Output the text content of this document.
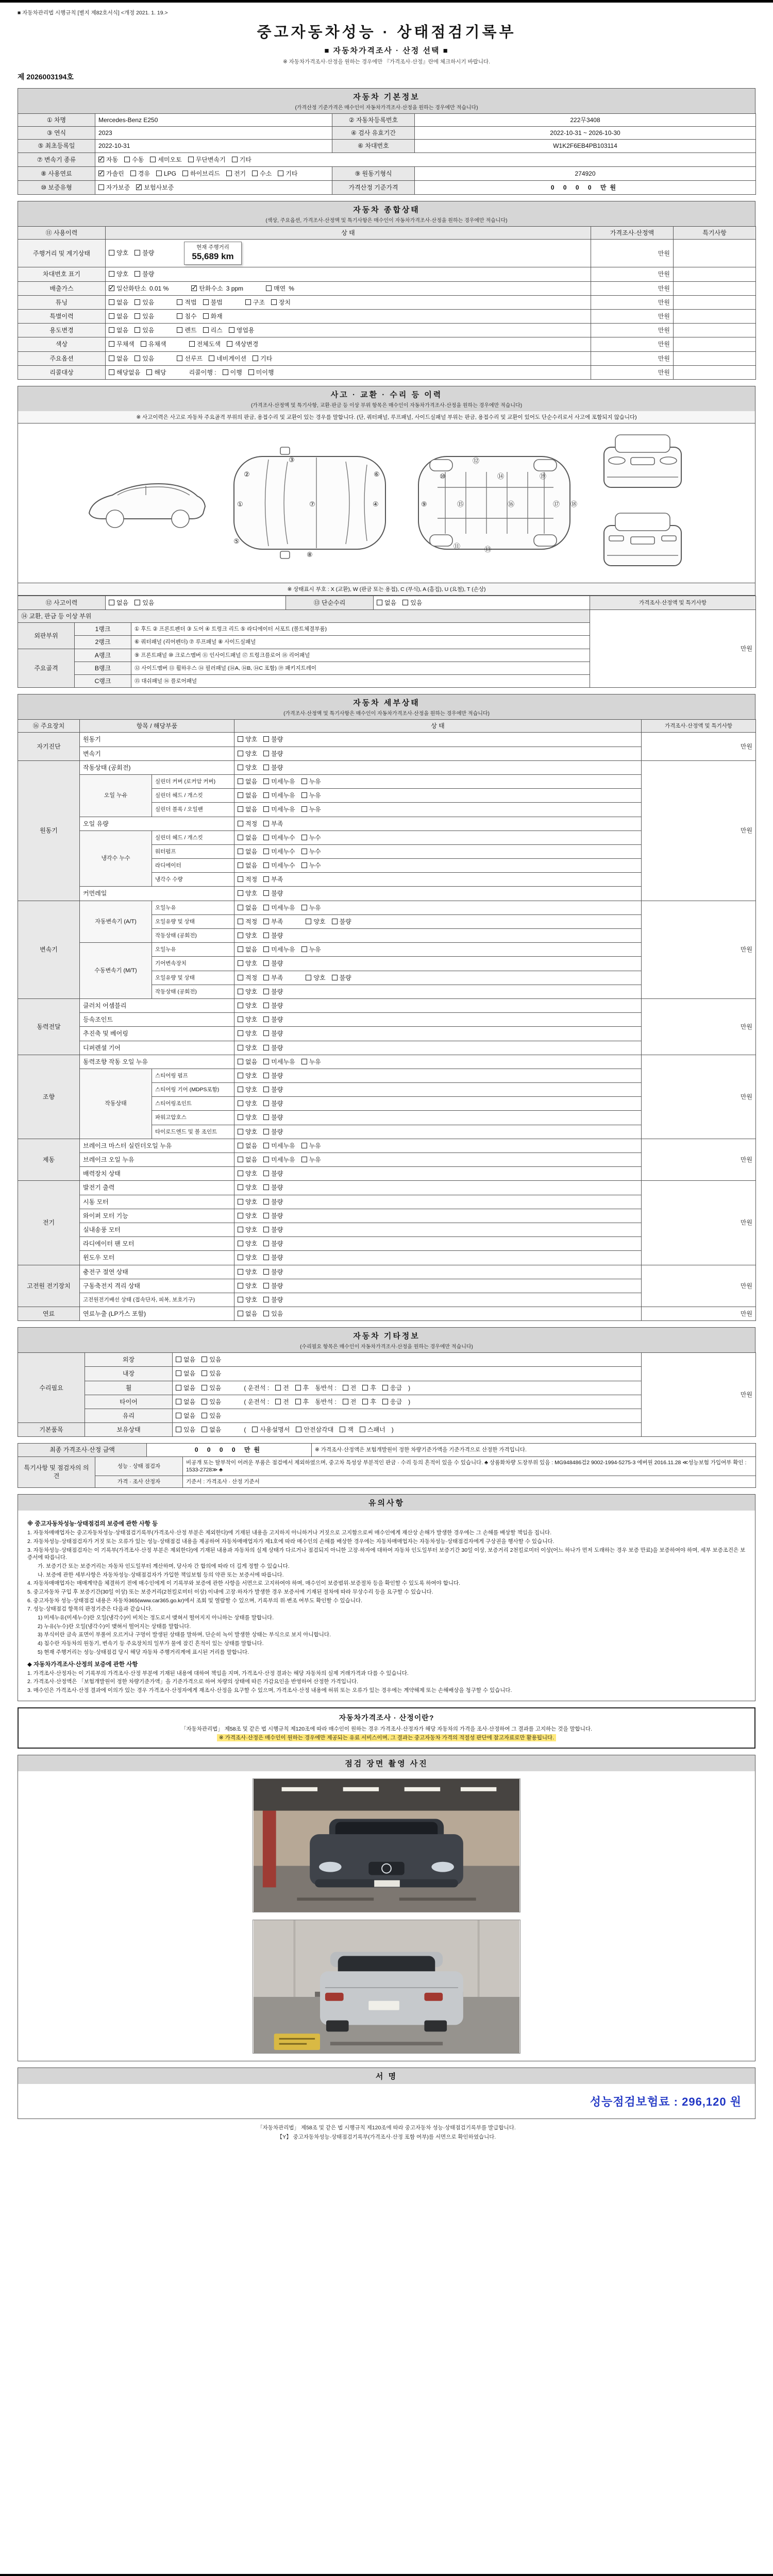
■ 자동차관리법 시행규칙 [별지 제82호서식] <개정 2021. 1. 19.>
중고자동차성능 · 상태점검기록부
■ 자동차가격조사 · 산정 선택 ■
※ 자동차가격조사·산정을 원하는 경우에만 『가격조사·산정』란에 체크하시기 바랍니다.
제 2026003194호
자동차 기본정보
(가격산정 기준가격은 매수인이 자동차가격조사·산정을 원하는 경우에만 적습니다)
① 차명	Mercedes-Benz E250	② 자동차등록번호	222무3408
③ 연식	2023	④ 검사 유효기간	2022-10-31 ~ 2026-10-30
⑤ 최초등록일	2022-10-31	⑥ 차대번호	W1K2F6EB4PB103114
⑦ 변속기 종류	✓자동 수동 세미오토 무단변속기 기타
⑧ 사용연료	✓가솔린 경유 LPG 하이브리드 전기 수소 기타	⑨ 원동기형식	274920
⑩ 보증유형	자가보증 ✓ 보험사보증	가격산정 기준가격	0 0 0 0 만원
자동차 종합상태
(색상, 주요옵션, 가격조사·산정액 및 특기사항은 매수인이 자동차가격조사·산정을 원하는 경우에만 적습니다)
⑪ 사용이력	상 태	가격조사·산정액	특기사항
주행거리 및 계기상태	양호 불량
현재 주행거리
55,689 km	만원	
차대번호 표기	양호 불량	만원	
배출가스	✓일산화탄소 0.01 % ✓ 탄화수소 3 ppm 매연 %	만원	
튜닝	없음 있음 적법 불법 구조 장치	만원	
특별이력	없음 있음 침수 화재	만원	
용도변경	없음 있음 렌트 리스 영업용	만원	
색상	무채색 유채색 전체도색 색상변경	만원	
주요옵션	없음 있음 선루프 네비게이션 기타	만원	
리콜대상	해당없음 해당 리콜이행 : 이행 미이행	만원	
사고 · 교환 · 수리 등 이력
(가격조사·산정액 및 특기사항, 교환·판금 등 이상 부위 항목은 매수인이 자동차가격조사·산정을 원하는 경우에만 적습니다)
※ 사고이력은 사고로 자동차 주요골격 부위의 판금, 용접수리 및 교환이 있는 경우를 말합니다. (단, 쿼터패널, 루프패널, 사이드실패널 부위는 판금, 용접수리 및 교환이 있어도 단순수리로서 사고에 포함되지 않습니다)
①
②
③
⑦	④
⑥
⑤
⑧
⑨
⑩
⑮
⑫
⑬
⑭
⑯
⑲
⑰ ⑱
⑪
※ 상태표시 부호 : X (교환), W (판금 또는 용접), C (부식), A (흠집), U (요철), T (손상)
⑫ 사고이력	없음 있음	⑬ 단순수리	없음 있음	가격조사·산정액 및 특기사항
⑭ 교환, 판금 등 이상 부위			만원
외판부위	1랭크	① 후드 ② 프론트펜더 ③ 도어 ④ 트렁크 리드 ⑤ 라디에이터 서포트 (볼트체결부품)	
	2랭크	⑥ 쿼터패널 (리어펜더) ⑦ 루프패널 ⑧ 사이드실패널	
주요골격	A랭크	⑨ 프론트패널 ⑩ 크로스멤버 ⑪ 인사이드패널 ⑰ 트렁크플로어 ⑱ 리어패널	
	B랭크	⑫ 사이드멤버 ⑬ 휠하우스 ⑭ 필러패널 (⑭A, ⑭B, ⑭C 포함) ⑲ 패키지트레이	
	C랭크	⑮ 대쉬패널 ⑯ 플로어패널	
자동차 세부상태
(가격조사·산정액 및 특기사항은 매수인이 자동차가격조사·산정을 원하는 경우에만 적습니다)
⑯ 주요장치	항목 / 해당부품		상 태	가격조사·산정액 및 특기사항
자기진단	원동기		양호 불량	만원
	변속기		양호 불량	
원동기	작동상태 (공회전)		양호 불량	만원
	오일 누유	실린더 커버 (로커암 커버)	없음 미세누유 누유	
		실린더 헤드 / 개스킷	없음 미세누유 누유	
		실린더 블록 / 오일팬	없음 미세누유 누유	
	오일 유량		적정 부족	
	냉각수 누수	실린더 헤드 / 개스킷	없음 미세누수 누수	
		워터펌프	없음 미세누수 누수	
		라디에이터	없음 미세누수 누수	
		냉각수 수량	적정 부족	
	커먼레일		양호 불량	
변속기	자동변속기 (A/T)	오일누유	없음 미세누유 누유	만원
		오일유량 및 상태	적정 부족 양호 불량	
		작동상태 (공회전)	양호 불량	
	수동변속기 (M/T)	오일누유	없음 미세누유 누유	
		기어변속장치	양호 불량	
		오일유량 및 상태	적정 부족 양호 불량	
		작동상태 (공회전)	양호 불량	
동력전달	클러치 어셈블리		양호 불량	만원
	등속조인트		양호 불량	
	추진축 및 베어링		양호 불량	
	디퍼렌셜 기어		양호 불량	
조향	동력조향 작동 오일 누유		없음 미세누유 누유	만원
	작동상태	스티어링 펌프	양호 불량	
		스티어링 기어 (MDPS포함)	양호 불량	
		스티어링조인트	양호 불량	
		파워고압호스	양호 불량	
		타이로드엔드 및 볼 조인트	양호 불량	
제동	브레이크 마스터 실린더오일 누유		없음 미세누유 누유	만원
	브레이크 오일 누유		없음 미세누유 누유	
	배력장치 상태		양호 불량	
전기	발전기 출력		양호 불량	만원
	시동 모터		양호 불량	
	와이퍼 모터 기능		양호 불량	
	실내송풍 모터		양호 불량	
	라디에이터 팬 모터		양호 불량	
	윈도우 모터		양호 불량	
고전원 전기장치	충전구 절연 상태		양호 불량	만원
	구동축전지 격리 상태		양호 불량	
	고전원전기배선 상태 (접속단자, 피복, 보호기구)		양호 불량	
연료	연료누출 (LP가스 포함)		없음 있음	만원
자동차 기타정보
(수리필요 항목은 매수인이 자동차가격조사·산정을 원하는 경우에만 적습니다)
수리필요	외장	없음 있음	만원
	내장	없음 있음	
	휠	없음 있음 ( 운전석 : 전 후 동반석 : 전 후 응급 )	
	타이어	없음 있음 ( 운전석 : 전 후 동반석 : 전 후 응급 )	
	유리	없음 있음	
기본품목	보유상태	있음 없음 ( 사용설명서 안전삼각대 잭 스패너 )	
최종 가격조사·산정 금액	0 0 0 0 만원	※ 가격조사·산정액은 보험개발원이 정한 차량기준가액을 기준가격으로 산정한 가격입니다.
특기사항 및 점검자의 의견	성능 · 상태 점검자	비공개 또는 탈부착이 어려운 부품은 점검에서 제외하였으며, 중고차 특성상 부분적인 판금 · 수리 등의 흔적이 있을 수 있습니다. ♣ 상품화차량 도장부위 있음 : MG948486검2 9002-1994-5275-3 에버원 2016.11.28 ≪성능보험 가입여부 확인 : 1533-2728≫ ♣
	가격 · 조사 산정자	기준서 : 가격조사 · 산정 기준서
유의사항
※ 중고자동차성능·상태점검의 보증에 관한 사항 등
1. 자동차매매업자는 중고자동차성능·상태점검기록부(가격조사·산정 부분은 제외한다)에 기재된 내용을 고지하지 아니하거나 거짓으로 고지함으로써 매수인에게 재산상 손해가 발생한 경우에는 그 손해를 배상할 책임을 집니다.
2. 자동차성능·상태점검자가 거짓 또는 오류가 있는 성능·상태점검 내용을 제공하여 자동차매매업자가 제1호에 따라 매수인의 손해를 배상한 경우에는 자동차매매업자는 자동차성능·상태점검자에게 구상권을 행사할 수 있습니다.
3. 자동차성능·상태점검자는 이 기록부(가격조사·산정 부분은 제외한다)에 기재된 내용과 자동차의 실제 상태가 다르거나 점검되지 아니한 고장·하자에 대하여 자동차 인도일부터 보증기간 30일 이상, 보증거리 2천킬로미터 이상(어느 하나가 먼저 도래하는 경우 보증 만료)을 보증하여야 하며, 세부 보증조건은 보증서에 따릅니다.
가. 보증기간 또는 보증거리는 자동차 인도일부터 계산하며, 당사자 간 합의에 따라 더 길게 정할 수 있습니다.
나. 보증에 관한 세부사항은 자동차성능·상태점검자가 가입한 책임보험 등의 약관 또는 보증서에 따릅니다.
4. 자동차매매업자는 매매계약을 체결하기 전에 매수인에게 이 기록부와 보증에 관한 사항을 서면으로 고지하여야 하며, 매수인이 보증범위·보증절차 등을 확인할 수 있도록 하여야 합니다.
5. 중고자동차 구입 후 보증기간(30일 이상) 또는 보증거리(2천킬로미터 이상) 이내에 고장·하자가 발생한 경우 보증서에 기재된 절차에 따라 무상수리 등을 요구할 수 있습니다.
6. 중고자동차 성능·상태점검 내용은 자동차365(www.car365.go.kr)에서 조회 및 열람할 수 있으며, 기록부의 위·변조 여부도 확인할 수 있습니다.
7. 성능·상태점검 항목의 판정기준은 다음과 같습니다.
1) 미세누유(미세누수)란 오일(냉각수)이 비치는 정도로서 맺혀서 떨어지지 아니하는 상태를 말합니다.
2) 누유(누수)란 오일(냉각수)이 맺혀서 떨어지는 상태를 말합니다.
3) 부식이란 금속 표면이 부풀어 오르거나 구멍이 발생된 상태를 말하며, 단순히 녹이 발생한 상태는 부식으로 보지 아니합니다.
4) 침수란 자동차의 원동기, 변속기 등 주요장치의 일부가 물에 잠긴 흔적이 있는 상태를 말합니다.
5) 현재 주행거리는 성능·상태점검 당시 해당 자동차 주행거리계에 표시된 거리를 말합니다.
◆ 자동차가격조사·산정의 보증에 관한 사항
1. 가격조사·산정자는 이 기록부의 가격조사·산정 부분에 기재된 내용에 대하여 책임을 지며, 가격조사·산정 결과는 해당 자동차의 실제 거래가격과 다를 수 있습니다.
2. 가격조사·산정액은 「보험개발원이 정한 차량기준가액」을 기준가격으로 하여 차량의 상태에 따른 가감요인을 반영하여 산정한 가격입니다.
3. 매수인은 가격조사·산정 결과에 이의가 있는 경우 가격조사·산정자에게 재조사·산정을 요구할 수 있으며, 가격조사·산정 내용에 허위 또는 오류가 있는 경우에는 계약해제 또는 손해배상을 청구할 수 있습니다.
자동차가격조사 · 산정이란?
「자동차관리법」 제58조 및 같은 법 시행규칙 제120조에 따라 매수인이 원하는 경우 가격조사·산정자가 해당 자동차의 가격을 조사·산정하여 그 결과를 고지하는 것을 말합니다.
※ 가격조사·산정은 매수인이 원하는 경우에만 제공되는 유료 서비스이며, 그 결과는 중고자동차 가격의 적절성 판단에 참고자료로만 활용됩니다.
점검 장면 촬영 사진
서 명
성능점검보험료 : 296,120 원
「자동차관리법」 제58조 및 같은 법 시행규칙 제120조에 따라 중고자동차 성능·상태점검기록부를 발급합니다.
【Y】 중고자동차성능·상태점검기록부(가격조사·산정 포함 여부)를 서면으로 확인하였습니다.
